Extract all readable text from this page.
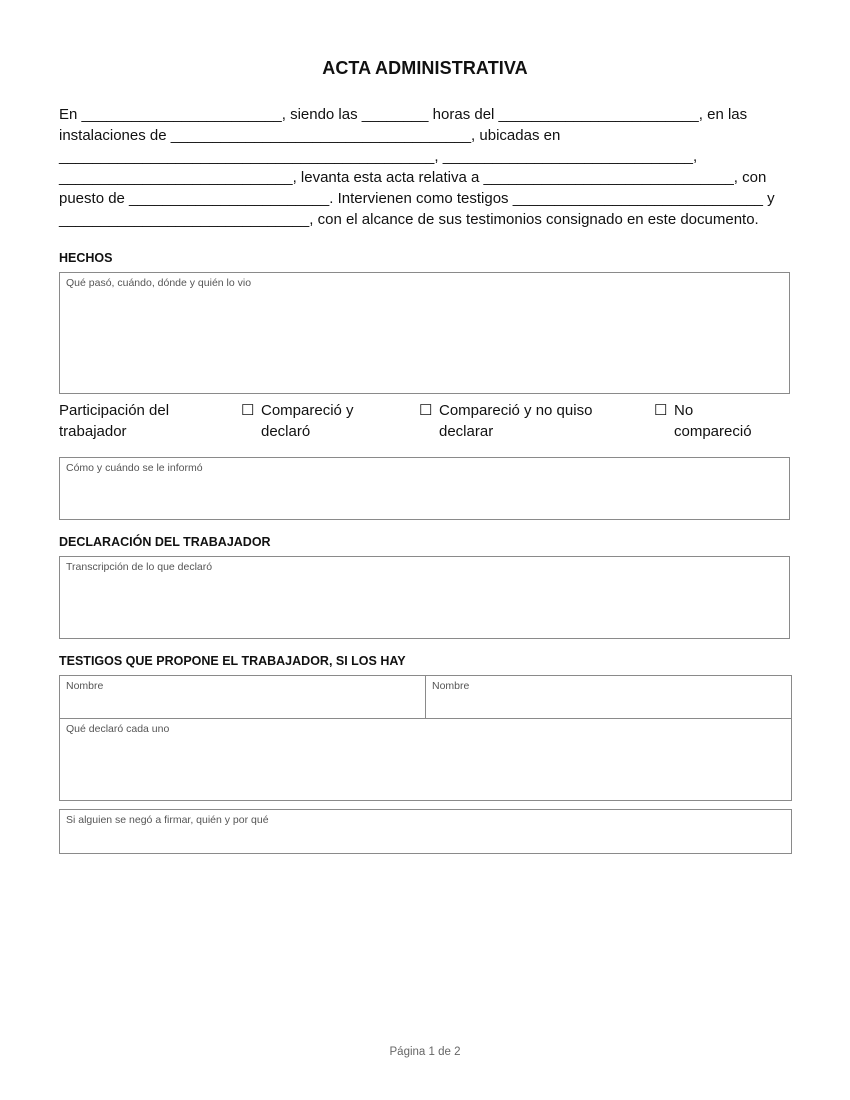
ACTA ADMINISTRATIVA
En ________________________, siendo las ________ horas del ________________________, en las
instalaciones de ____________________________________, ubicadas en
_____________________________________________, ______________________________,
____________________________, levanta esta acta relativa a ______________________________, con
puesto de ________________________. Intervienen como testigos ______________________________ y
______________________________, con el alcance de sus testimonios consignado en este documento.
HECHOS
Qué pasó, cuándo, dónde y quién lo vio
Participación del
trabajador
☐ Compareció y
declaró
☐ Compareció y no quiso
declarar
☐ No
compareció
Cómo y cuándo se le informó
DECLARACIÓN DEL TRABAJADOR
Transcripción de lo que declaró
TESTIGOS QUE PROPONE EL TRABAJADOR, SI LOS HAY
Nombre	Nombre
Qué declaró cada uno
Si alguien se negó a firmar, quién y por qué
Página 1 de 2
